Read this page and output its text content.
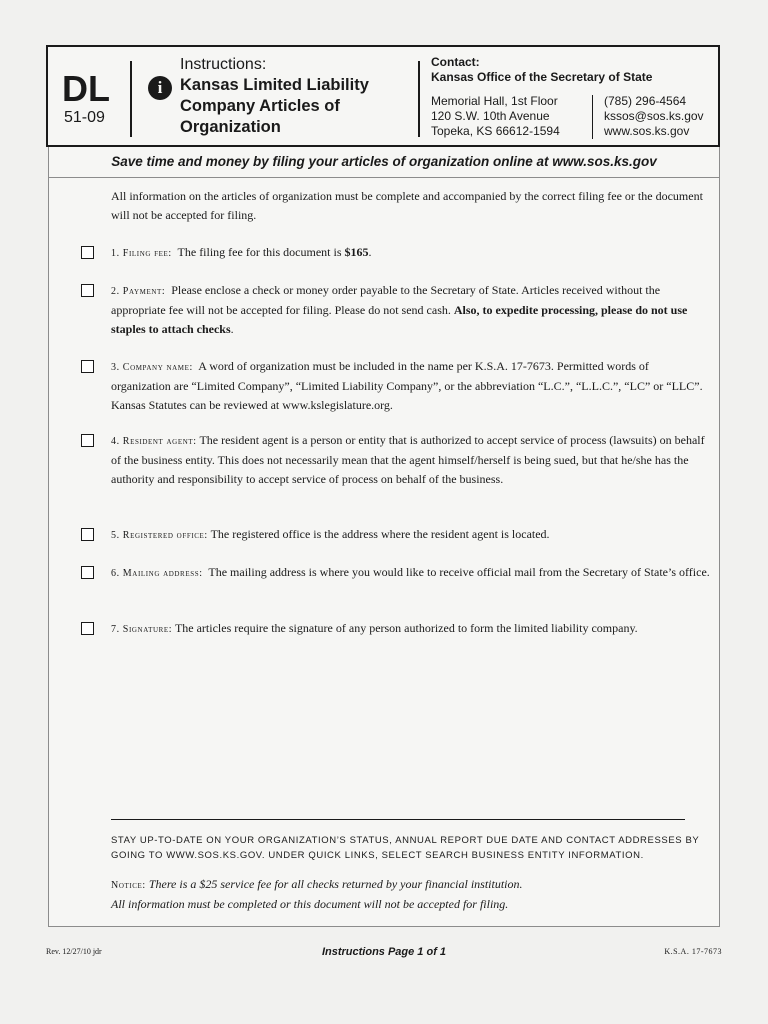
DL
51-09
i
Instructions:
Kansas Limited Liability Company Articles of Organization
Contact:
Kansas Office of the Secretary of State
Memorial Hall, 1st Floor
120 S.W. 10th Avenue
Topeka, KS 66612-1594
(785) 296-4564
kssos@sos.ks.gov
www.sos.ks.gov
Save time and money by filing your articles of organization online at www.sos.ks.gov
All information on the articles of organization must be complete and accompanied by the correct filing fee or the document will not be accepted for filing.
1. Filing fee: The filing fee for this document is $165.
2. Payment: Please enclose a check or money order payable to the Secretary of State. Articles received without the appropriate fee will not be accepted for filing. Please do not send cash. Also, to expedite processing, please do not use staples to attach checks.
3. Company name: A word of organization must be included in the name per K.S.A. 17-7673. Permitted words of organization are “Limited Company”, “Limited Liability Company”, or the abbreviation “L.C.”, “L.L.C.”, “LC” or “LLC”. Kansas Statutes can be reviewed at www.kslegislature.org.
4. Resident agent: The resident agent is a person or entity that is authorized to accept service of process (lawsuits) on behalf of the business entity. This does not necessarily mean that the agent himself/herself is being sued, but that he/she has the authority and responsibility to accept service of process on behalf of the business.
5. Registered office: The registered office is the address where the resident agent is located.
6. Mailing address: The mailing address is where you would like to receive official mail from the Secretary of State’s office.
7. Signature: The articles require the signature of any person authorized to form the limited liability company.
STAY UP-TO-DATE ON YOUR ORGANIZATION’S STATUS, ANNUAL REPORT DUE DATE AND CONTACT ADDRESSES BY GOING TO WWW.SOS.KS.GOV. UNDER QUICK LINKS, SELECT SEARCH BUSINESS ENTITY INFORMATION.
Notice: There is a $25 service fee for all checks returned by your financial institution.
All information must be completed or this document will not be accepted for filing.
Rev. 12/27/10 jdr	Instructions Page 1 of 1	K.S.A. 17-7673
